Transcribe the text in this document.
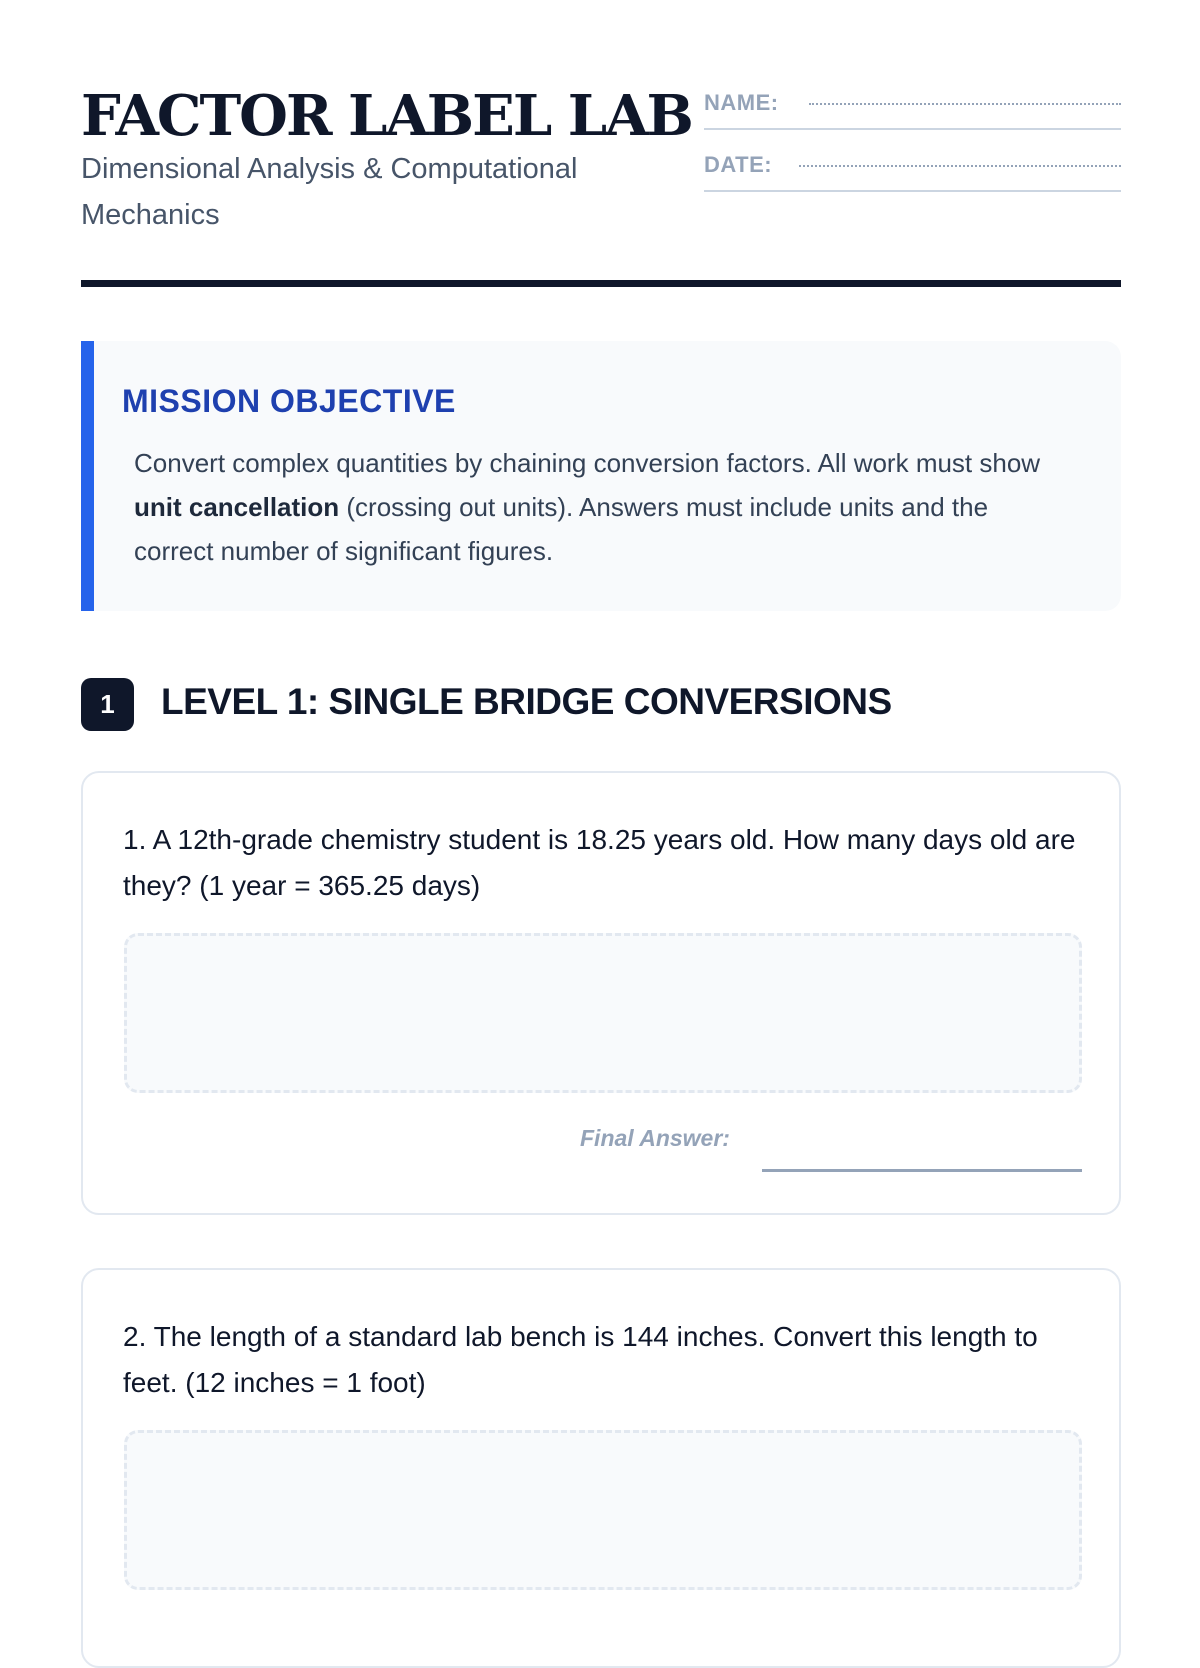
FACTOR LABEL LAB

Dimensional Analysis & Computational Mechanics

NAME:
DATE:
MISSION OBJECTIVE

Convert complex quantities by chaining conversion factors. All work must show unit cancellation (crossing out units). Answers must include units and the correct number of significant figures.

1	LEVEL 1: SINGLE BRIDGE CONVERSIONS

1. A 12th-grade chemistry student is 18.25 years old. How many days old are they? (1 year = 365.25 days)

Final Answer:

2. The length of a standard lab bench is 144 inches. Convert this length to feet. (12 inches = 1 foot)
